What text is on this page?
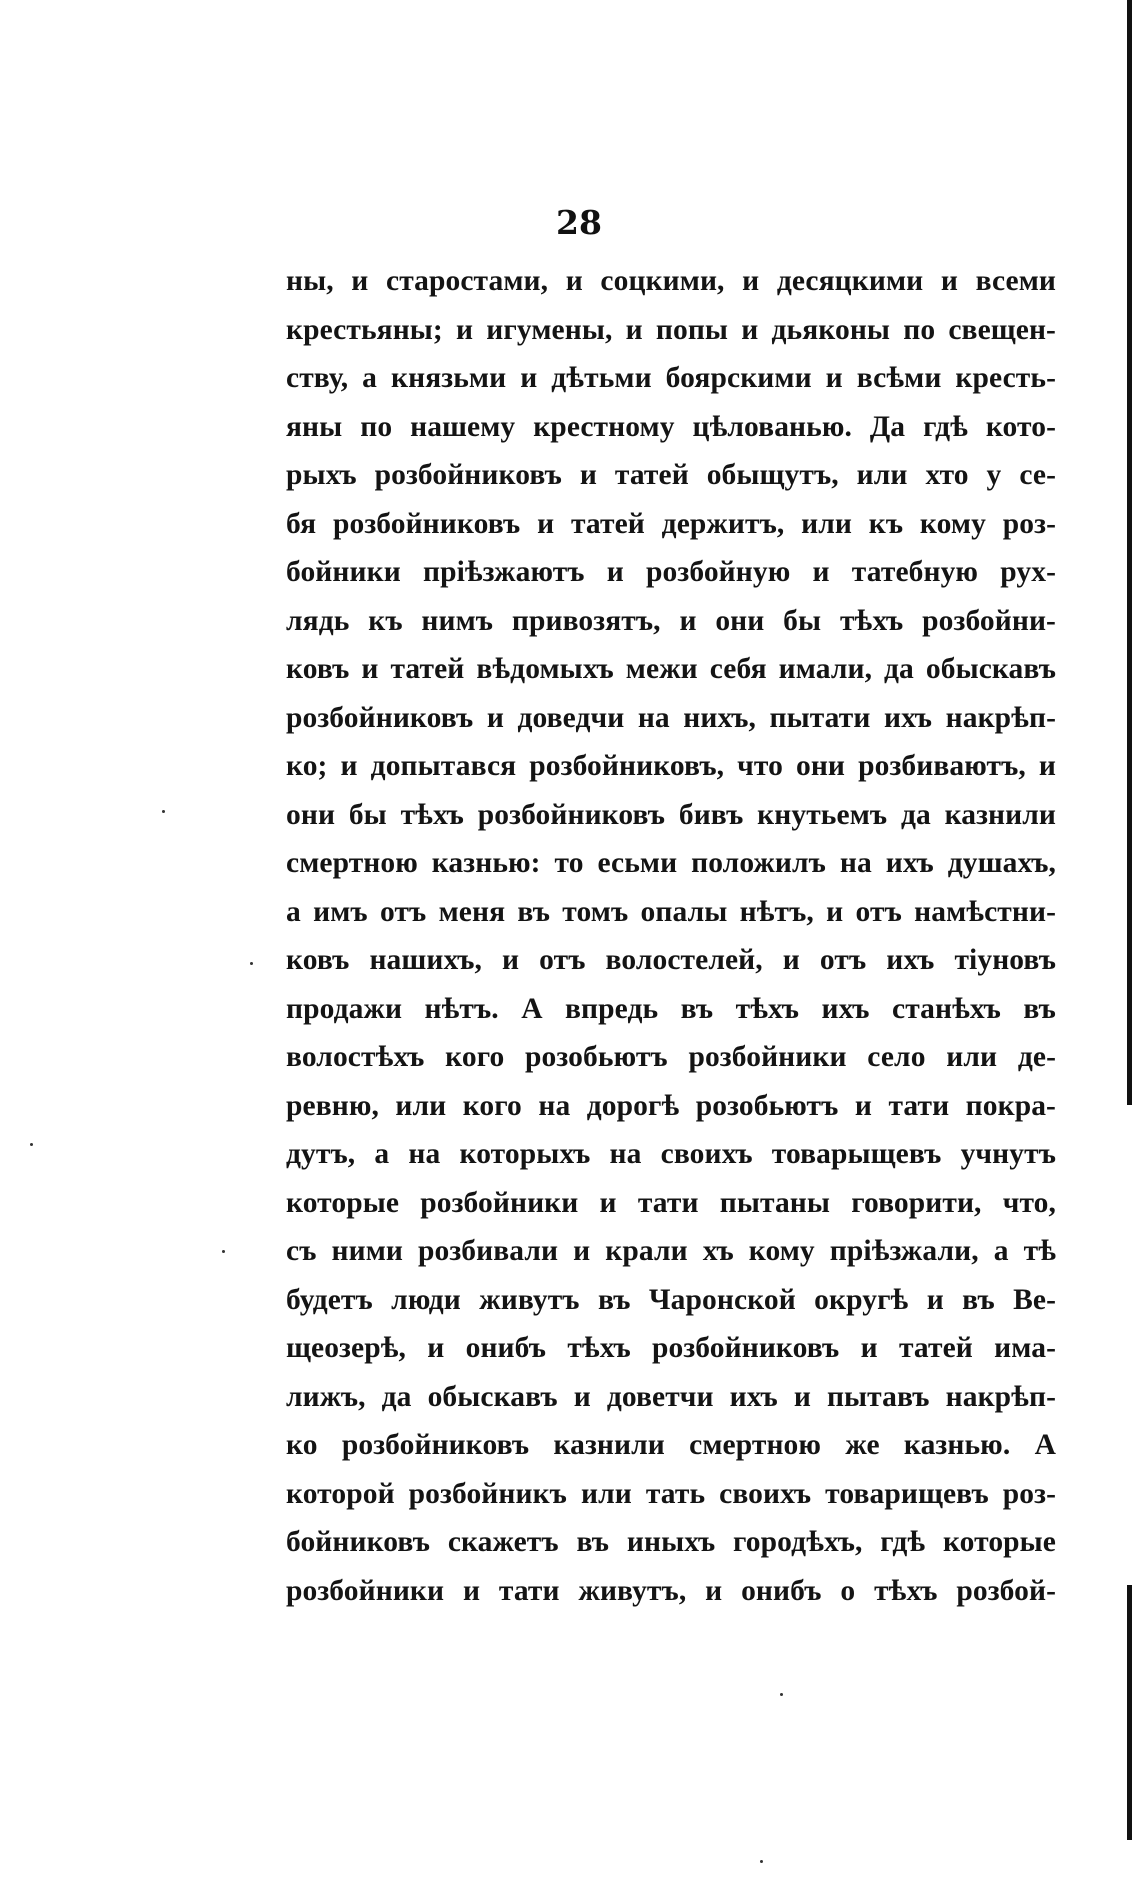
28
ны, и старостами, и соцкими, и десяцкими и всеми
крестьяны; и игумены, и попы и дьяконы по свещен-
ству, а князьми и дѣтьми боярскими и всѣми кресть-
яны по нашему крестному цѣлованью. Да гдѣ кото-
рыхъ розбойниковъ и татей обыщутъ, или хто у се-
бя розбойниковъ и татей держитъ, или къ кому роз-
бойники прiѣзжаютъ и розбойную и татебную рух-
лядь къ нимъ привозятъ, и они бы тѣхъ розбойни-
ковъ и татей вѣдомыхъ межи себя имали, да обыскавъ
розбойниковъ и доведчи на нихъ, пытати ихъ накрѣп-
ко; и допытався розбойниковъ, что они розбиваютъ, и
они бы тѣхъ розбойниковъ бивъ кнутьемъ да казнили
смертною казнью: то есьми положилъ на ихъ душахъ,
а имъ отъ меня въ томъ опалы нѣтъ, и отъ намѣстни-
ковъ нашихъ, и отъ волостелей, и отъ ихъ тiуновъ
продажи нѣтъ. А впредь въ тѣхъ ихъ станѣхъ въ
волостѣхъ кого розобьютъ розбойники село или де-
ревню, или кого на дорогѣ розобьютъ и тати покра-
дутъ, а на которыхъ на своихъ товарыщевъ учнутъ
которые розбойники и тати пытаны говорити, что,
съ ними розбивали и крали хъ кому прiѣзжали, а тѣ
будетъ люди живутъ въ Чаронской округѣ и въ Ве-
щеозерѣ, и онибъ тѣхъ розбойниковъ и татей има-
лижъ, да обыскавъ и доветчи ихъ и пытавъ накрѣп-
ко розбойниковъ казнили смертною же казнью. А
которой розбойникъ или тать своихъ товарищевъ роз-
бойниковъ скажетъ въ иныхъ городѣхъ, гдѣ которые
розбойники и тати живутъ, и онибъ о тѣхъ розбой-
